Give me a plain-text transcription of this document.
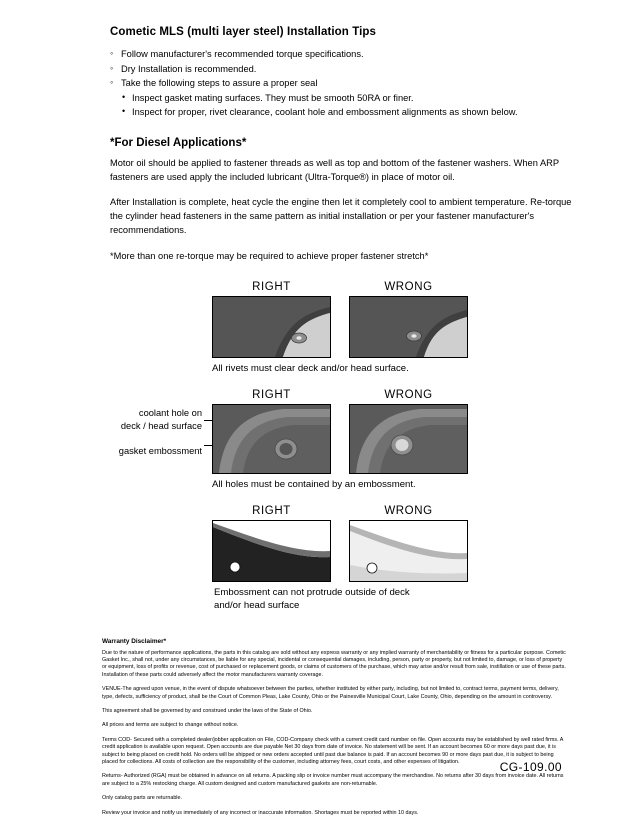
Cometic MLS (multi layer steel) Installation Tips
◦ Follow manufacturer's recommended torque specifications.
◦ Dry Installation is recommended.
◦ Take the following steps to assure a proper seal
• Inspect gasket mating surfaces. They must be smooth 50RA or finer.
• Inspect for proper, rivet clearance, coolant hole and embossment alignments as shown below.
*For Diesel Applications*

Motor oil should be applied to fastener threads as well as top and bottom of the fastener washers. When ARP fasteners are used apply the included lubricant (Ultra-Torque®) in place of motor oil.

After Installation is complete, heat cycle the engine then let it completely cool to ambient temperature. Re-torque the cylinder head fasteners in the same pattern as initial installation or per your fastener manufacturer's recommendations.

*More than one re-torque may be required to achieve proper fastener stretch*

RIGHT	WRONG
All rivets must clear deck and/or head surface.
coolant hole on
deck / head surface
gasket embossment
RIGHT	WRONG
All holes must be contained by an embossment.
RIGHT	WRONG
Embossment can not protrude outside of deck
and/or head surface
Warranty Disclaimer*

Due to the nature of performance applications, the parts in this catalog are sold without any express warranty or any implied warranty of merchantability or fitness for a particular purpose. Cometic Gasket Inc., shall not, under any circumstances, be liable for any special, incidental or consequential damages, including, person, party or property, but not limited to, damage, or loss of property or equipment, loss of profits or revenue, cost of purchased or replacement goods, or claims of customers of the purchase, which may arise and/or result from sale, instillation or use of these parts. Installation of these parts could adversely affect the motor manufacturers warranty coverage.

VENUE-The agreed upon venue, in the event of dispute whatsoever between the parties, whether instituted by either party, including, but not limited to, contract terms, payment terms, delivery, type, defects, sufficiency of product, shall be the Court of Common Pleas, Lake County, Ohio or the Painesville Municipal Court, Lake County, Ohio, depending on the amount in controversy.

This agreement shall be governed by and construed under the laws of the State of Ohio.

All prices and terms are subject to change without notice.

Terms COD- Secured with a completed dealer/jobber application on File, COD-Company check with a current credit card number on file. Open accounts may be established by well rated firms. A credit application is available upon request. Open accounts are due payable Net 30 days from date of invoice. No statement will be sent. If an account becomes 60 or more days past due, it is subject to being placed on credit hold. No orders will be shipped or new orders accepted until past due balance is paid. If an account becomes 90 or more days past due, it is subject to being placed for collections. All costs of collection are the responsibility of the customer, including attorney fees, court costs, and other expenses of litigation.

Returns- Authorized (RGA) must be obtained in advance on all returns. A packing slip or invoice number must accompany the merchandise. No returns after 30 days from invoice date. All returns are subject to a 25% restocking charge. All custom designed and custom manufactured gaskets are non-returnable.

Only catalog parts are returnable.

Review your invoice and notify us immediately of any incorrect or inaccurate information. Shortages must be reported within 10 days.

CG-109.00
